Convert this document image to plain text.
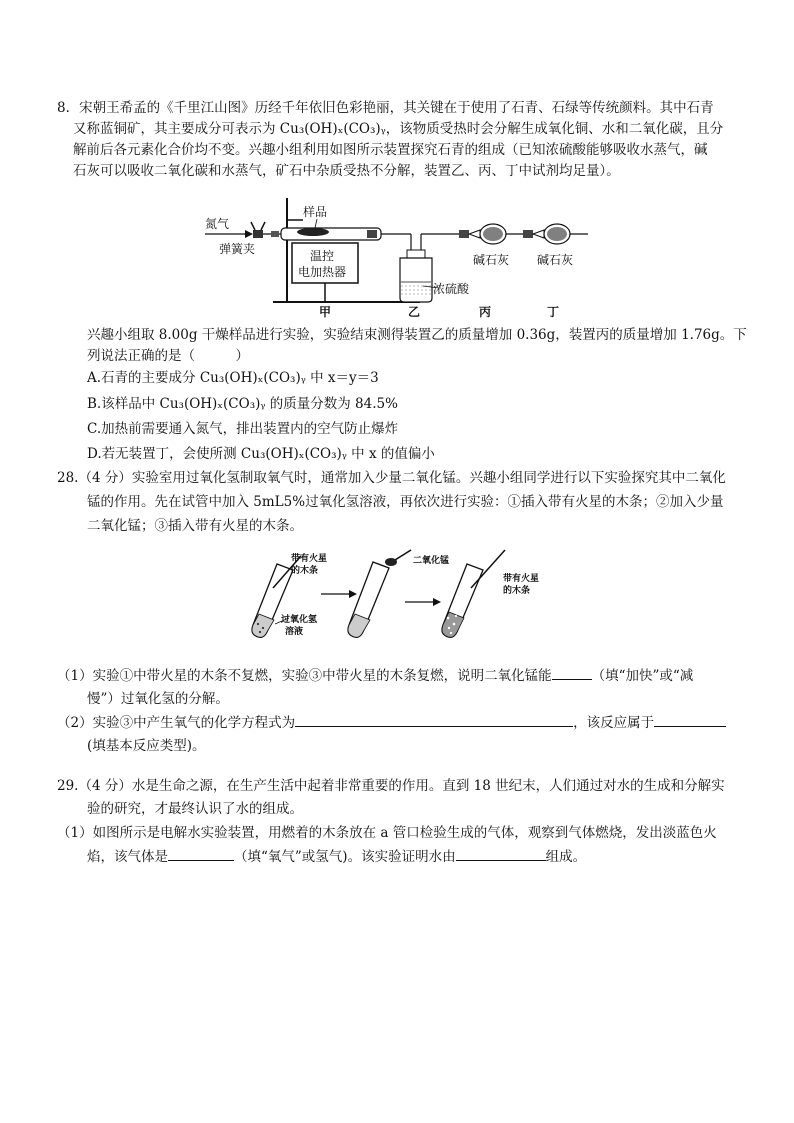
8．宋朝王希孟的《千里江山图》历经千年依旧色彩艳丽，其关键在于使用了石青、石绿等传统颜料。其中石青
又称蓝铜矿，其主要成分可表示为 Cu₃(OH)ₓ(CO₃)ᵧ，该物质受热时会分解生成氧化铜、水和二氧化碳，且分
解前后各元素化合价均不变。兴趣小组利用如图所示装置探究石青的组成（已知浓硫酸能够吸收水蒸气，碱
石灰可以吸收二氧化碳和水蒸气，矿石中杂质受热不分解，装置乙、丙、丁中试剂均足量）。
氮气
弹簧夹
样品
温控
电加热器
甲
浓硫酸
乙
碱石灰
丙
碱石灰
丁
兴趣小组取 8.00g 干燥样品进行实验，实验结束测得装置乙的质量增加 0.36g，装置丙的质量增加 1.76g。下
列说法正确的是（　　　）
A.石青的主要成分 Cu₃(OH)ₓ(CO₃)ᵧ 中 x＝y＝3
B.该样品中 Cu₃(OH)ₓ(CO₃)ᵧ 的质量分数为 84.5%
C.加热前需要通入氮气，排出装置内的空气防止爆炸
D.若无装置丁，会使所测 Cu₃(OH)ₓ(CO₃)ᵧ 中 x 的值偏小
28.（4 分）实验室用过氧化氢制取氧气时，通常加入少量二氧化锰。兴趣小组同学进行以下实验探究其中二氧化
锰的作用。先在试管中加入 5mL5%过氧化氢溶液，再依次进行实验：①插入带有火星的木条；②加入少量
二氧化锰；③插入带有火星的木条。
带有火星
的木条
过氧化氢
溶液
二氧化锰
带有火星
的木条
（1）实验①中带火星的木条不复燃，实验③中带火星的木条复燃，说明二氧化锰能	（填“加快”或“减
慢”）过氧化氢的分解。
（2）实验③中产生氧气的化学方程式为	，该反应属于
(填基本反应类型)。
29.（4 分）水是生命之源，在生产生活中起着非常重要的作用。直到 18 世纪末，人们通过对水的生成和分解实
验的研究，才最终认识了水的组成。
（1）如图所示是电解水实验装置，用燃着的木条放在 a 管口检验生成的气体，观察到气体燃烧，发出淡蓝色火
焰，该气体是	（填“氧气”或氢气)。该实验证明水由	组成。
